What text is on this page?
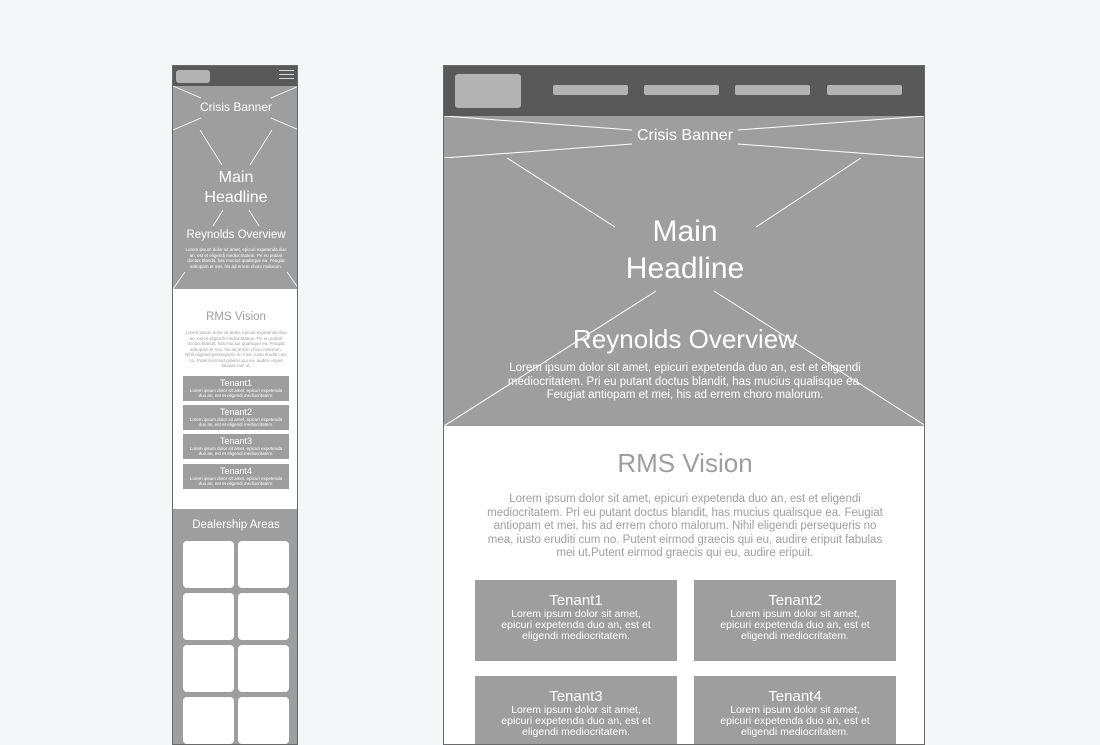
Crisis Banner
Main
Headline
Reynolds Overview
Lorem ipsum dolor sit amet, epicuri expetenda duo an, est et eligendi mediocritatem. Pri eu putant doctus blandit, has mucius qualisque ea. Feugiat antiopam et mei, his ad errem choro malorum.
RMS Vision
Lorem ipsum dolor sit amet, epicuri expetenda duo an, est et eligendi mediocritatem. Pri eu putant doctus blandit, has mucius qualisque ea. Feugiat antiopam et mei, his ad errem choro malorum. Nihil eligendi persequeris no mea, iusto eruditi cum no. Putent eirmod graecis qui eu, audire eripuit fabulas mei ut.
Tenant1
Lorem ipsum dolor sit amet, epicuri expetenda duo an, est et eligendi mediocritatem.
Tenant2
Lorem ipsum dolor sit amet, epicuri expetenda duo an, est et eligendi mediocritatem.
Tenant3
Lorem ipsum dolor sit amet, epicuri expetenda duo an, est et eligendi mediocritatem.
Tenant4
Lorem ipsum dolor sit amet, epicuri expetenda duo an, est et eligendi mediocritatem.
Dealership Areas
Crisis Banner
Main
Headline
Reynolds Overview
Lorem ipsum dolor sit amet, epicuri expetenda duo an, est et eligendi mediocritatem. Pri eu putant doctus blandit, has mucius qualisque ea. Feugiat antiopam et mei, his ad errem choro malorum.
RMS Vision
Lorem ipsum dolor sit amet, epicuri expetenda duo an, est et eligendi mediocritatem. Pri eu putant doctus blandit, has mucius qualisque ea. Feugiat antiopam et mei, his ad errem choro malorum. Nihil eligendi persequeris no mea, iusto eruditi cum no. Putent eirmod graecis qui eu, audire eripuit fabulas mei ut.Putent eirmod graecis qui eu, audire eripuit.
Tenant1
Lorem ipsum dolor sit amet, epicuri expetenda duo an, est et eligendi mediocritatem.
Tenant2
Lorem ipsum dolor sit amet, epicuri expetenda duo an, est et eligendi mediocritatem.
Tenant3
Lorem ipsum dolor sit amet, epicuri expetenda duo an, est et eligendi mediocritatem.
Tenant4
Lorem ipsum dolor sit amet, epicuri expetenda duo an, est et eligendi mediocritatem.
